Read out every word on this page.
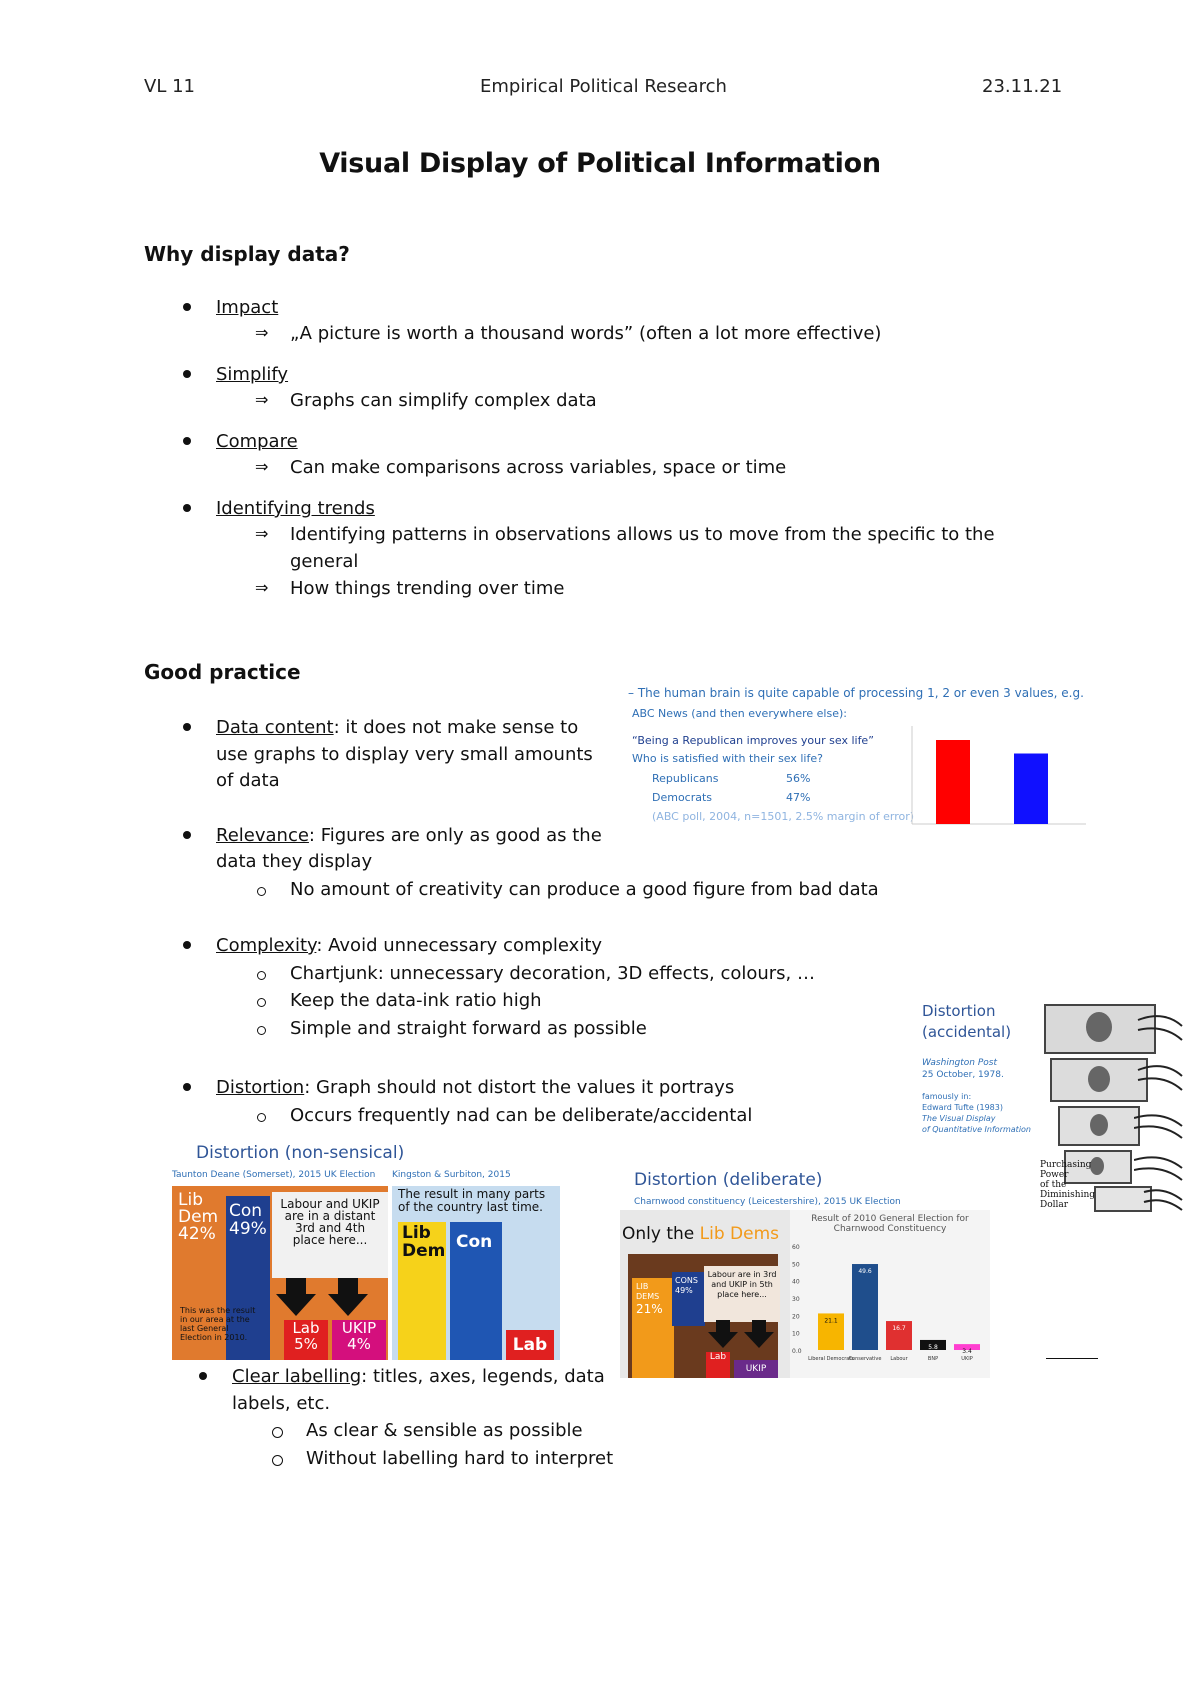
VL 11	Empirical Political Research	23.11.21
Visual Display of Political Information
Why display data?
Impact
⇒ „A picture is worth a thousand words” (often a lot more effective)
Simplify
⇒ Graphs can simplify complex data
Compare
⇒ Can make comparisons across variables, space or time
Identifying trends
⇒ Identifying patterns in observations allows us to move from the specific to the
general
⇒ How things trending over time
Good practice
Data content: it does not make sense to
use graphs to display very small amounts
of data
Relevance: Figures are only as good as the
data they display
No amount of creativity can produce a good figure from bad data
Complexity: Avoid unnecessary complexity
Chartjunk: unnecessary decoration, 3D effects, colours, …
Keep the data-ink ratio high
Simple and straight forward as possible
Distortion: Graph should not distort the values it portrays
Occurs frequently nad can be deliberate/accidental
Clear labelling: titles, axes, legends, data
labels, etc.
As clear & sensible as possible
Without labelling hard to interpret
– The human brain is quite capable of processing 1, 2 or even 3 values, e.g.
ABC News (and then everywhere else):
“Being a Republican improves your sex life”
Who is satisfied with their sex life?
Republicans	56%
Democrats	47%
(ABC poll, 2004, n=1501, 2.5% margin of error)
Distortion
(accidental)
Washington Post
25 October, 1978.
famously in:
Edward Tufte (1983)
The Visual Display
of Quantitative Information
Purchasing
Power
of the
Diminishing
Dollar
Distortion (non-sensical)
Taunton Deane (Somerset), 2015 UK Election Kingston & Surbiton, 2015
Lib
Dem
42%
Con
49%
Labour and UKIP
are in a distant
3rd and 4th
place here...
This was the result
in our area at the
last General
Election in 2010.
Lab
5%
UKIP
4%
The result in many parts
of the country last time.
Lib
Dem Con
Lab
Distortion (deliberate)
Charnwood constituency (Leicestershire), 2015 UK Election
Only the Lib Dems
LIB
DEMS
21%
CONS
49%
Labour are in 3rd
and UKIP in 5th
place here...
Lab
UKIP
Result of 2010 General Election for
Charnwood Constituency
60
50
40
30
20
10
0.0
21.1
Liberal Democrats
49.6
Conservative
16.7
Labour
5.8
BNP
3.4
UKIP
